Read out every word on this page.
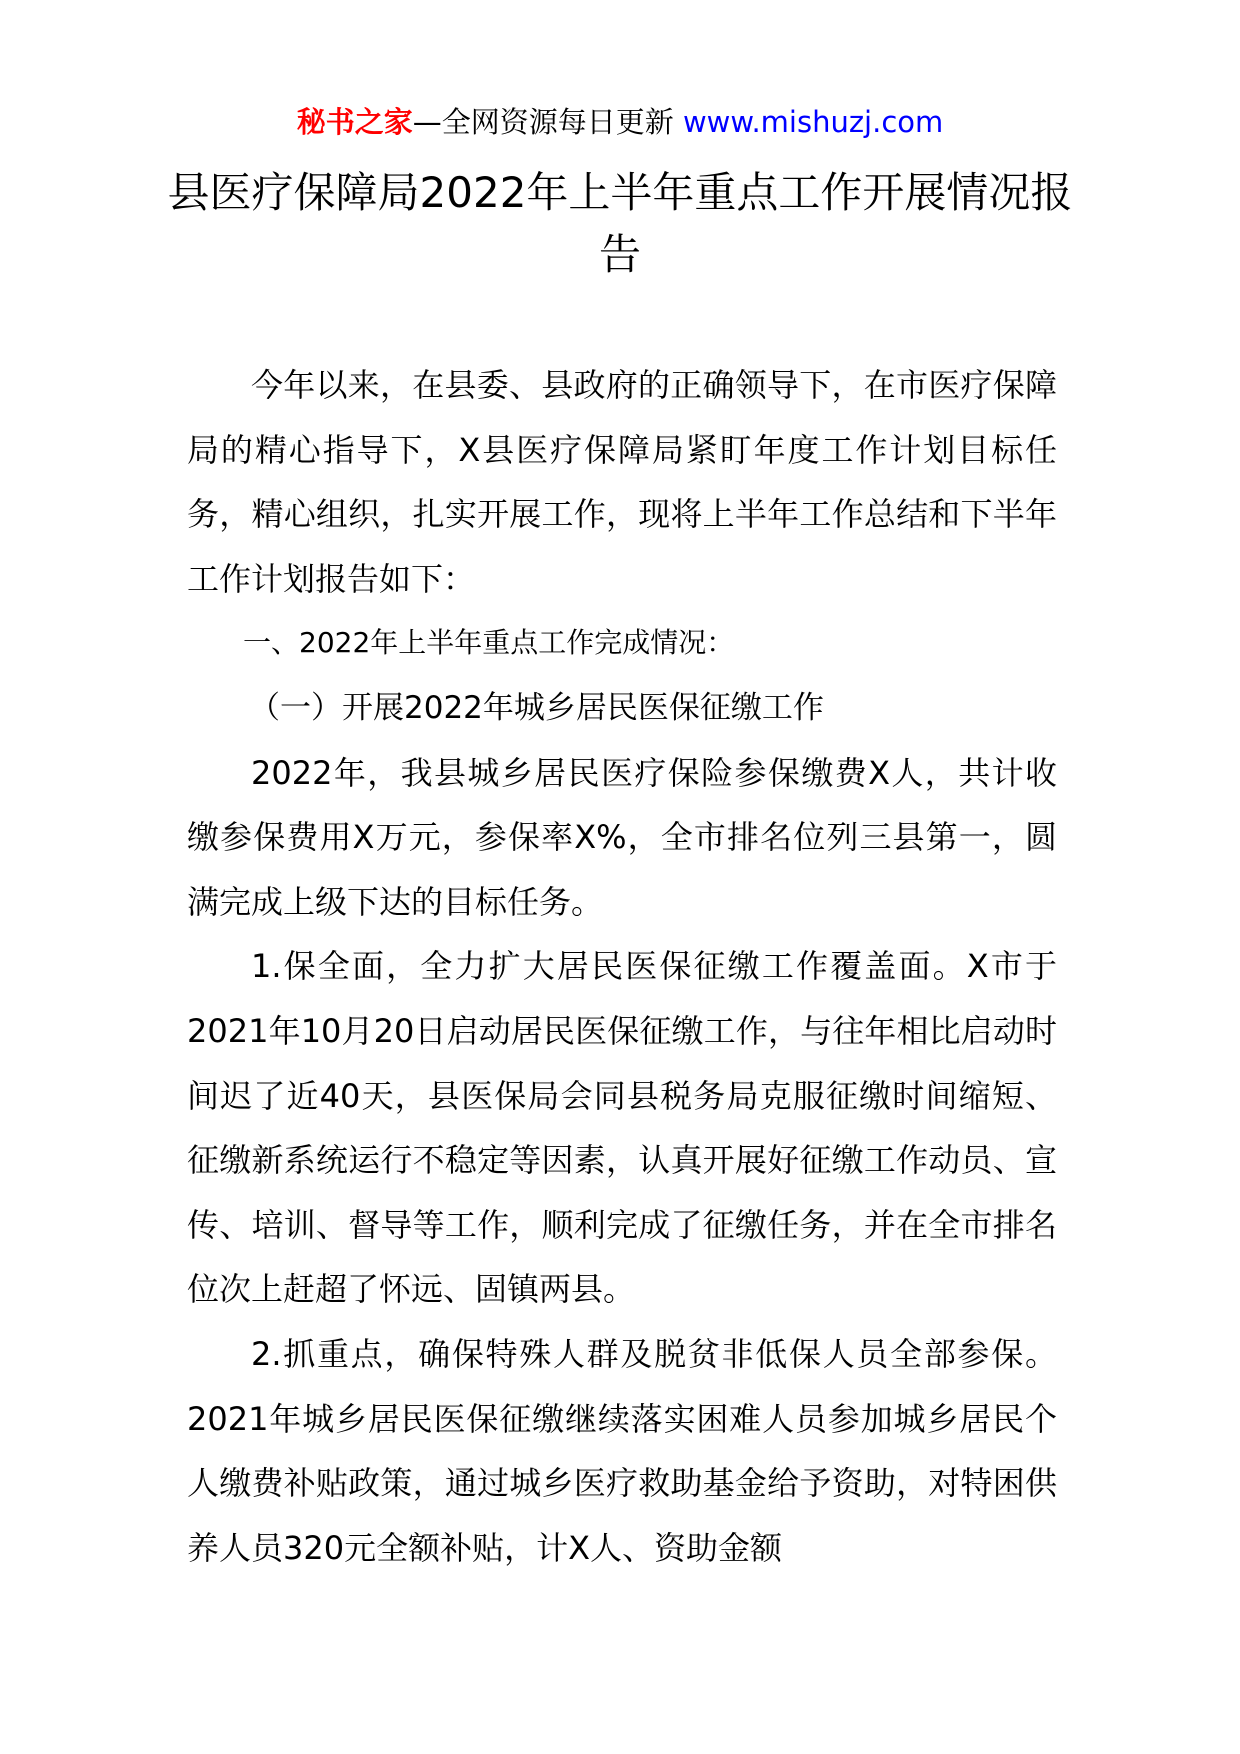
秘书之家—全网资源每日更新 www.mishuzj.com
县医疗保障局2022年上半年重点工作开展情况报告

今年以来，在县委、县政府的正确领导下，在市医疗保障局的精心指导下，X县医疗保障局紧盯年度工作计划目标任务，精心组织，扎实开展工作，现将上半年工作总结和下半年工作计划报告如下：

一、2022年上半年重点工作完成情况：

（一）开展2022年城乡居民医保征缴工作

2022年，我县城乡居民医疗保险参保缴费X人，共计收缴参保费用X万元，参保率X%，全市排名位列三县第一，圆满完成上级下达的目标任务。

1.保全面，全力扩大居民医保征缴工作覆盖面。X市于2021年10月20日启动居民医保征缴工作，与往年相比启动时间迟了近40天，县医保局会同县税务局克服征缴时间缩短、征缴新系统运行不稳定等因素，认真开展好征缴工作动员、宣传、培训、督导等工作，顺利完成了征缴任务，并在全市排名位次上赶超了怀远、固镇两县。

2.抓重点，确保特殊人群及脱贫非低保人员全部参保。2021年城乡居民医保征缴继续落实困难人员参加城乡居民个人缴费补贴政策，通过城乡医疗救助基金给予资助，对特困供养人员320元全额补贴，计X人、资助金额
